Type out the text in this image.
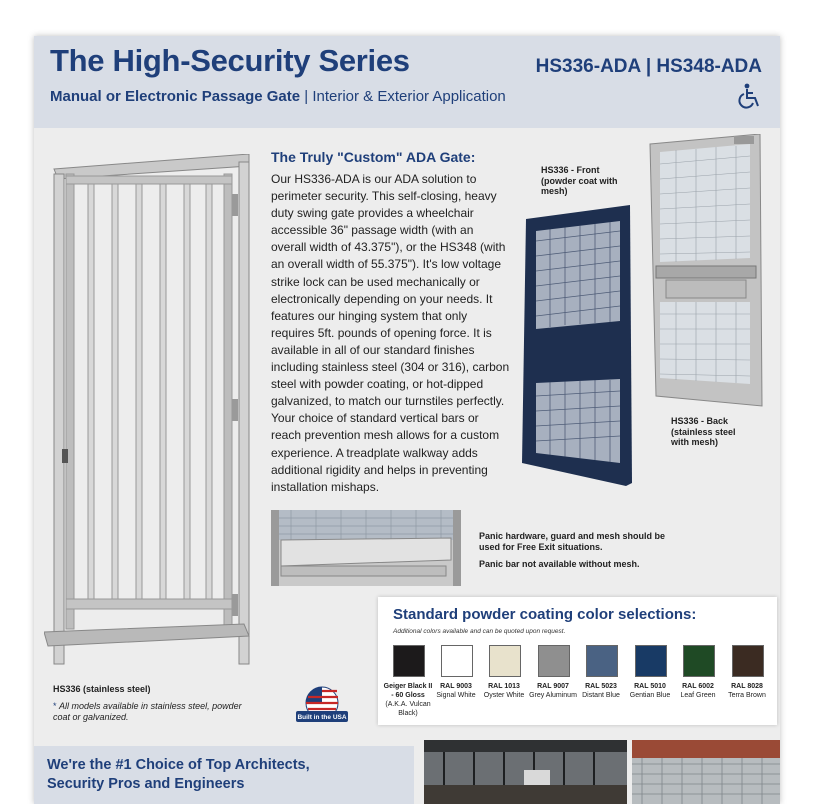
The High-Security Series	HS336-ADA | HS348-ADA
Manual or Electronic Passage Gate | Interior & Exterior Application
The Truly "Custom" ADA Gate:
Our HS336-ADA is our ADA solution to perimeter security. This self-closing, heavy duty swing gate provides a wheelchair accessible 36" passage width (with an overall width of 43.375"), or the HS348 (with an overall width of 55.375"). It's low voltage strike lock can be used mechanically or electronically depending on your needs. It features our hinging system that only requires 5ft. pounds of opening force. It is available in all of our standard finishes including stainless steel (304 or 316), carbon steel with powder coating, or hot-dipped galvanized, to match our turnstiles perfectly. Your choice of standard vertical bars or reach prevention mesh allows for a custom experience. A treadplate walkway adds additional rigidity and helps in preventing installation mishaps.
HS336 - Front (powder coat with mesh)
HS336 - Back (stainless steel with mesh)
Panic hardware, guard and mesh should be used for Free Exit situations.
Panic bar not available without mesh.
HS336 (stainless steel)
* All models available in stainless steel, powder coat or galvanized.	Built in the USA
Standard powder coating color selections:
Additional colors available and can be quoted upon request.
Geiger Black II - 60 Gloss
(A.K.A. Vulcan Black)
RAL 9003
Signal White
RAL 1013
Oyster White
RAL 9007
Grey Aluminum
RAL 5023
Distant Blue
RAL 5010
Gentian Blue
RAL 6002
Leaf Green
RAL 8028
Terra Brown
We're the #1 Choice of Top Architects,
Security Pros and Engineers
